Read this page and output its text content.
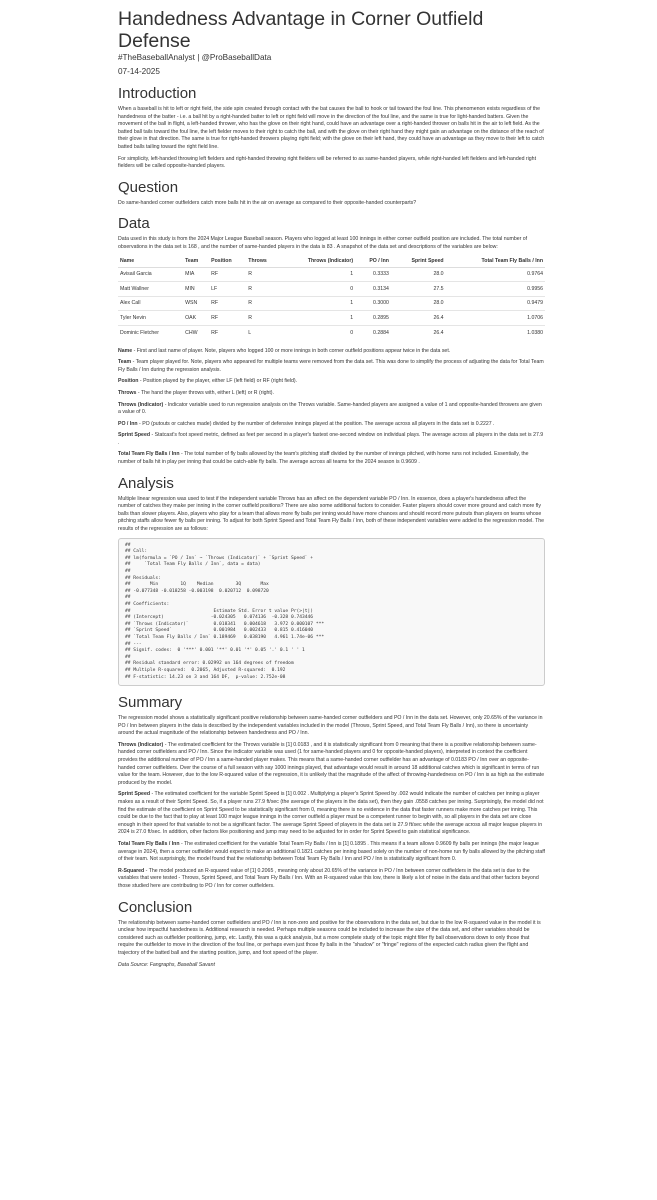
Handedness Advantage in Corner Outfield Defense
#TheBaseballAnalyst | @ProBaseballData
07-14-2025
Introduction

When a baseball is hit to left or right field, the side spin created through contact with the bat causes the ball to hook or tail toward the foul line. This phenomenon exists regardless of the handedness of the batter - i.e. a ball hit by a right-handed batter to left or right field will move in the direction of the foul line, and the same is true for light-handed batters. Given the movement of the ball in flight, a left-handed thrower, who has the glove on their right hand, could have an advantage over a right-handed thrower on balls hit in the air to left field. As the batted ball tails toward the foul line, the left fielder moves to their right to catch the ball, and with the glove on their right hand they might gain an advantage on the distance of the reach of their glove in that direction. The same is true for right-handed throwers playing right field; with the glove on their left hand, they could have an advantage as they move to their left to catch batted balls tailing toward the right field line.

For simplicity, left-handed throwing left fielders and right-handed throwing right fielders will be referred to as same-handed players, while right-handed left fielders and left-handed right fielders will be called opposite-handed players.

Question

Do same-handed corner outfielders catch more balls hit in the air on average as compared to their opposite-handed counterparts?

Data

Data used in this study is from the 2024 Major League Baseball season. Players who logged at least 100 innings in either corner outfield position are included. The total number of observations in the data set is 168 , and the number of same-handed players in the data is 83 . A snapshot of the data set and descriptions of the variables are below:

Name	Team	Position	Throws	Throws (Indicator)	PO / Inn	Sprint Speed	Total Team Fly Balls / Inn
Avisail Garcia	MIA	RF	R	1	0.3333	28.0	0.9764
Matt Wallner	MIN	LF	R	0	0.3134	27.5	0.9956
Alex Call	WSN	RF	R	1	0.3000	28.0	0.9479
Tyler Nevin	OAK	RF	R	1	0.2895	26.4	1.0706
Dominic Fletcher	CHW	RF	L	0	0.2884	26.4	1.0380

Name - First and last name of player. Note, players who logged 100 or more innings in both corner outfield positions appear twice in the data set.

Team - Team player played for. Note, players who appeared for multiple teams were removed from the data set. This was done to simplify the process of adjusting the data for Total Team Fly Balls / Inn during the regression analysis.

Position - Position played by the player, either LF (left field) or RF (right field).

Throws - The hand the player throws with, either L (left) or R (right).

Throws (Indicator) - Indicator variable used to run regression analysis on the Throws variable. Same-handed players are assigned a value of 1 and opposite-handed throwers are given a value of 0.

PO / Inn - PO (putouts or catches made) divided by the number of defensive innings played at the position. The average across all players in the data set is 0.2227 .

Sprint Speed - Statcast's foot speed metric, defined as feet per second in a player's fastest one-second window on individual plays. The average across all players in the data set is 27.9 .

Total Team Fly Balls / Inn - The total number of fly balls allowed by the team's pitching staff divided by the number of innings pitched, with home runs not included. Essentially, the number of balls hit in play per inning that could be catch-able fly balls. The average across all teams for the 2024 season is 0.9609 .

Analysis

Multiple linear regression was used to test if the independent variable Throws has an affect on the dependent variable PO / Inn. In essence, does a player's handedness affect the number of catches they make per inning in the corner outfield positions? There are also some additional factors to consider. Faster players should cover more ground and catch more fly balls than slower players. Also, players who play for a team that allows more fly balls per inning would have more chances and should record more putouts than players on teams whose pitching staffs allow fewer fly balls per inning. To adjust for both Sprint Speed and Total Team Fly Balls / Inn, both of these independent variables were added to the regression model. The results of the regression are as follows:

##
## Call:
## lm(formula = `PO / Inn` ~ `Throws (Indicator)` + `Sprint Speed` +
##     `Total Team Fly Balls / Inn`, data = data)
##
## Residuals:
##       Min        1Q    Median        3Q       Max
## -0.077348 -0.018258 -0.003198  0.020712  0.098720
##
## Coefficients:
##                              Estimate Std. Error t value Pr(>|t|)
## (Intercept)                 -0.024305   0.074136  -0.328 0.743446
## `Throws (Indicator)`         0.018341   0.004618   3.972 0.000107 ***
## `Sprint Speed`               0.001984   0.002433   0.815 0.416040
## `Total Team Fly Balls / Inn` 0.189469   0.038190   4.961 1.74e-06 ***
## ---
## Signif. codes:  0 '***' 0.001 '**' 0.01 '*' 0.05 '.' 0.1 ' ' 1
##
## Residual standard error: 0.02992 on 164 degrees of freedom
## Multiple R-squared:  0.2065, Adjusted R-squared:  0.192
## F-statistic: 14.23 on 3 and 164 DF,  p-value: 2.752e-08
Summary

The regression model shows a statistically significant positive relationship between same-handed corner outfielders and PO / Inn in the data set. However, only 20.65% of the variance in PO / Inn between players in the data is described by the independent variables included in the model (Throws, Sprint Speed, and Total Team Fly Balls / Inn), so there is uncertainty around the actual magnitude of the relationship between handedness and PO / Inn.

Throws (Indicator) - The estimated coefficient for the Throws variable is [1] 0.0183 , and it is statistically significant from 0 meaning that there is a positive relationship between same-handed corner outfielders and PO / Inn. Since the indicator variable was used (1 for same-handed players and 0 for opposite-handed players), interpreted in context the coefficient provides the additional number of PO / Inn a same-handed player makes. This means that a same-handed corner outfielder has an advantage of 0.0183 PO / Inn over an opposite-handed corner outfielders. Over the course of a full season with say 1000 innings played, that advantage would result in around 18 additional catches which is significant in terms of run value for the team. However, due to the low R-squared value of the regression, it is unlikely that the magnitude of the affect of throwing-handedness on PO / Inn is as high as the estimate produced by the model.

Sprint Speed - The estimated coefficient for the variable Sprint Speed is [1] 0.002 . Multiplying a player's Sprint Speed by .002 would indicate the number of catches per inning a player makes as a result of their Sprint Speed. So, if a player runs 27.9 ft/sec (the average of the players in the data set), then they gain .0558 catches per inning. Surprisingly, the model did not find the estimate of the coefficient on Sprint Speed to be statistically significant from 0, meaning there is no evidence in the data that faster runners make more catches per inning. This could be due to the fact that to play at least 100 major league innings in the corner outfield a player must be a competent runner to begin with, so all players in the data set are close enough in their speed for that variable to not be a significant factor. The average Sprint Speed of players in the data set is 27.9 ft/sec while the average across all major league players in 2024 is 27.0 ft/sec. In addition, other factors like positioning and jump may need to be adjusted for in order for Sprint Speed to gain statistical significance.

Total Team Fly Balls / Inn - The estimated coefficient for the variable Total Team Fly Balls / Inn is [1] 0.1895 . This means if a team allows 0.9609 fly balls per innings (the major league average in 2024), then a corner outfielder would expect to make an additional 0.1821 catches per inning based solely on the number of non-home run fly balls allowed by the pitching staff of their team. Not surprisingly, the model found that the relationship between Total Team Fly Balls / Inn and PO / Inn is statistically significant from 0.

R-Squared - The model produced an R-squared value of [1] 0.2065 , meaning only about 20.65% of the variance in PO / Inn between corner outfielders in the data set is due to the variables that were tested - Throws, Sprint Speed, and Total Team Fly Balls / Inn. With an R-squared value this low, there is likely a lot of noise in the data and that other factors beyond those studied here are contributing to PO / Inn for corner outfielders.

Conclusion

The relationship between same-handed corner outfielders and PO / Inn is non-zero and positive for the observations in the data set, but due to the low R-squared value in the model it is unclear how impactful handedness is. Additional research is needed. Perhaps multiple seasons could be included to increase the size of the data set, and other variables should be considered such as outfielder positioning, jump, etc. Lastly, this was a quick analysis, but a more complete study of the topic might filter fly ball observations down to only those that require the outfielder to move in the direction of the foul line, or perhaps even just those fly balls in the "shadow" or "fringe" regions of the expected catch radius given the flight and trajectory of the batted ball and the starting position, jump, and foot speed of the player.

Data Source: Fangraphs, Baseball Savant
